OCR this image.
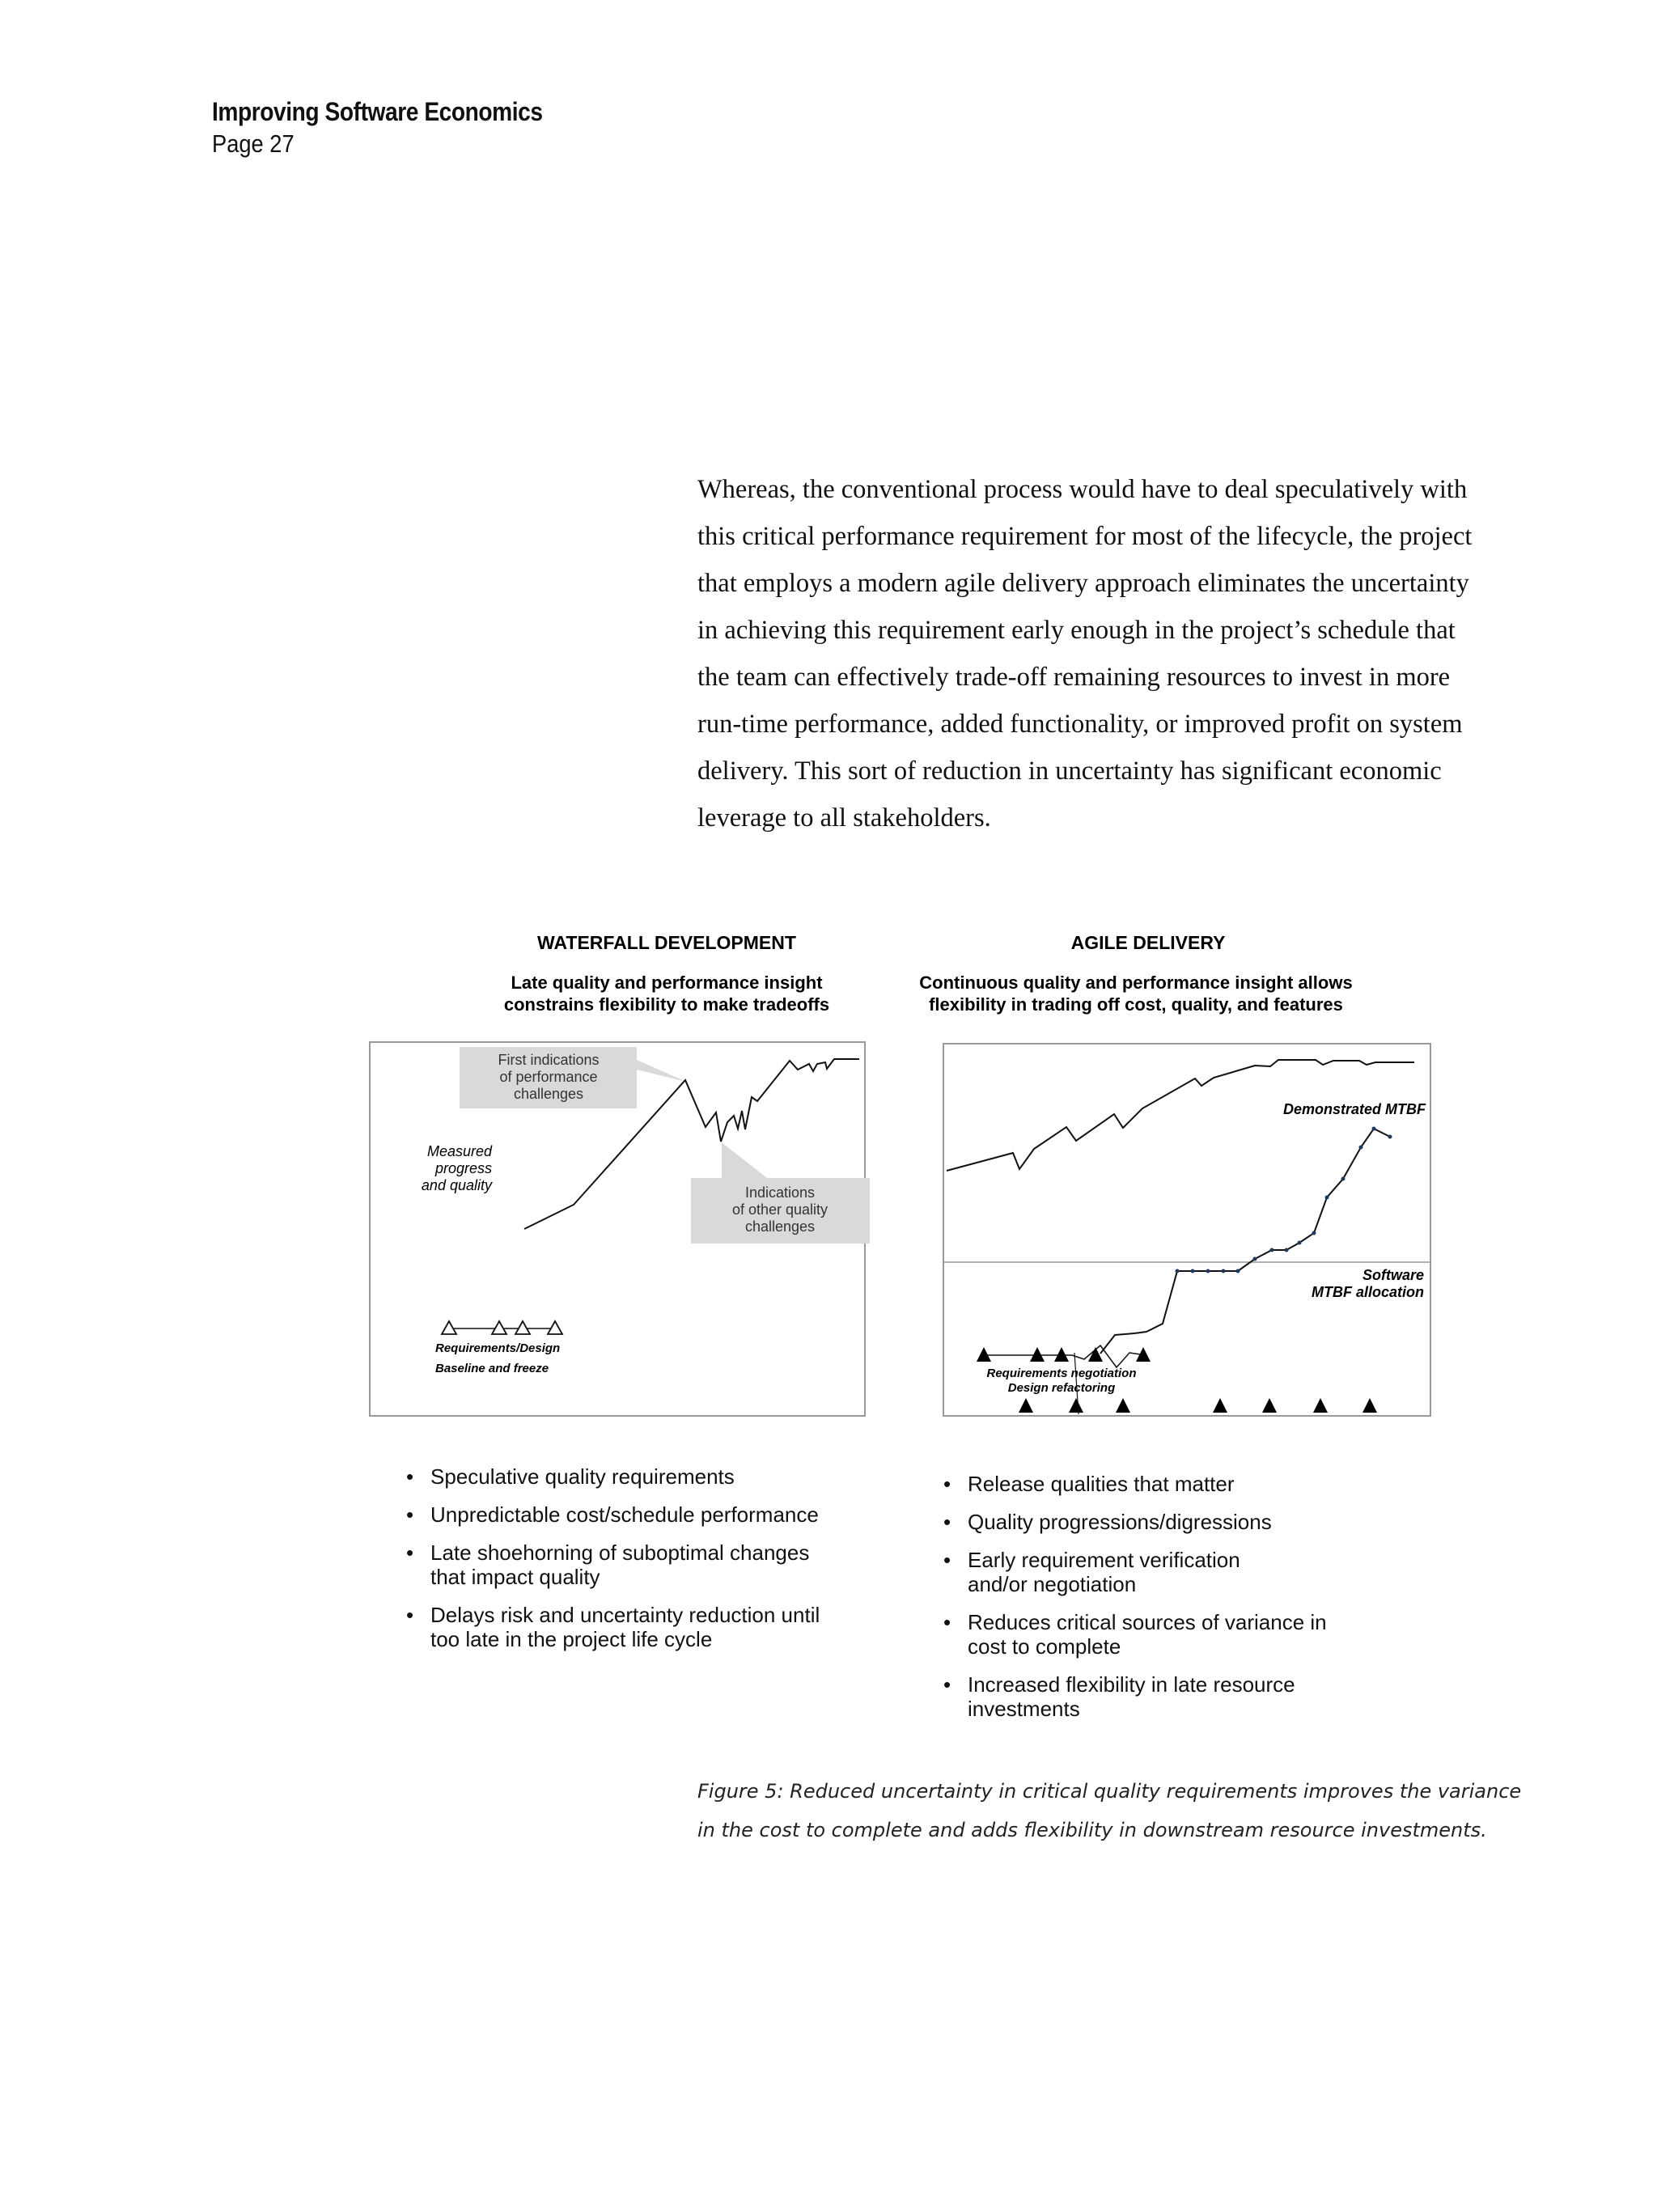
Improving Software Economics
Page 27
Whereas, the conventional process would have to deal speculatively with
this critical performance requirement for most of the lifecycle, the project
that employs a modern agile delivery approach eliminates the uncertainty
in achieving this requirement early enough in the project’s schedule that
the team can effectively trade-off remaining resources to invest in more
run-time performance, added functionality, or improved profit on system
delivery. This sort of reduction in uncertainty has significant economic
leverage to all stakeholders.
WATERFALL DEVELOPMENT
Late quality and performance insight
constrains flexibility to make tradeoffs
AGILE DELIVERY
Continuous quality and performance insight allows
flexibility in trading off cost, quality, and features
First indications
of performance
challenges
Indications
of other quality
challenges
Measured
progress
and quality
Requirements/Design
Baseline and freeze
Demonstrated MTBF
Software
MTBF allocation
Requirements negotiation
Design refactoring
• Speculative quality requirements
• Unpredictable cost/schedule performance
• Late shoehorning of suboptimal changes
that impact quality
• Delays risk and uncertainty reduction until
too late in the project life cycle
• Release qualities that matter
• Quality progressions/digressions
• Early requirement verification
and/or negotiation
• Reduces critical sources of variance in
cost to complete
• Increased flexibility in late resource
investments
Figure 5: Reduced uncertainty in critical quality requirements improves the variance
in the cost to complete and adds flexibility in downstream resource investments.
